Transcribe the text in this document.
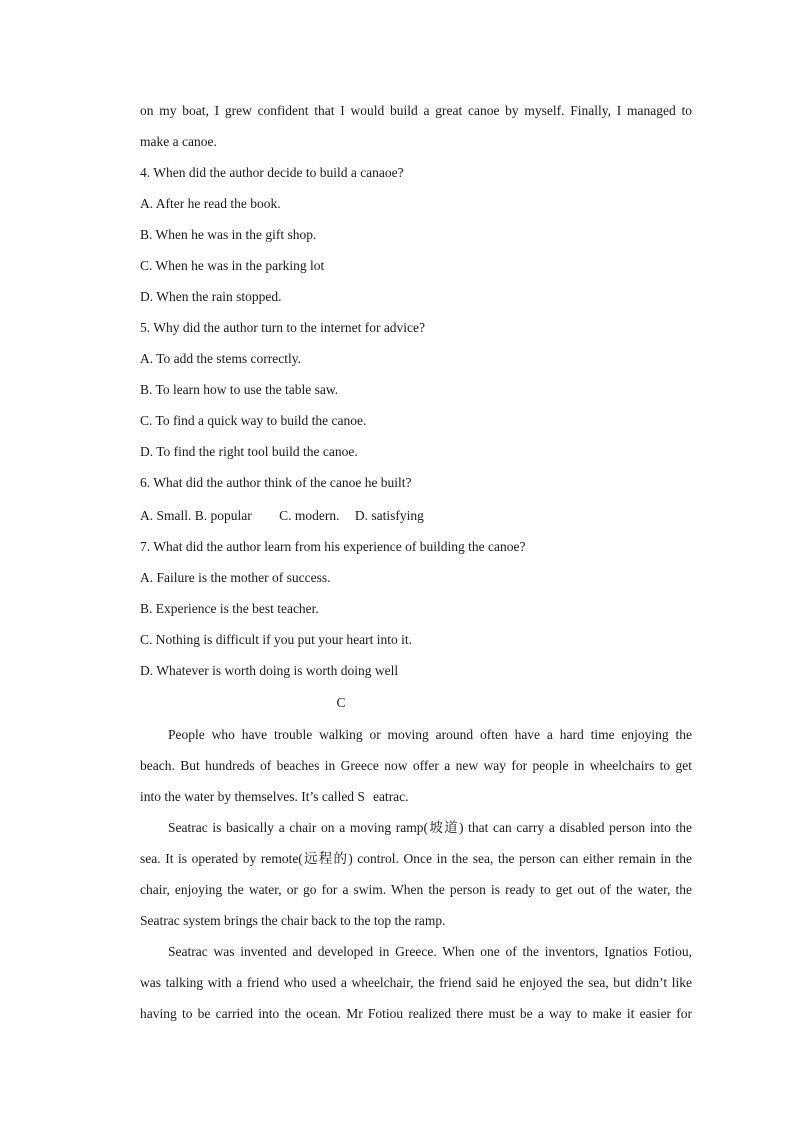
on my boat, I grew confident that I would build a great canoe by myself. Finally, I managed to
make a canoe.
4. When did the author decide to build a canaoe?
A. After he read the book.
B. When he was in the gift shop.
C. When he was in the parking lot
D. When the rain stopped.
5. Why did the author turn to the internet for advice?
A. To add the stems correctly.
B. To learn how to use the table saw.
C. To find a quick way to build the canoe.
D. To find the right tool build the canoe.
6. What did the author think of the canoe he built?
A. Small. B. popular C. modern. D. satisfying
7. What did the author learn from his experience of building the canoe?
A. Failure is the mother of success.
B. Experience is the best teacher.
C. Nothing is difficult if you put your heart into it.
D. Whatever is worth doing is worth doing well
C
People who have trouble walking or moving around often have a hard time enjoying the
beach. But hundreds of beaches in Greece now offer a new way for people in wheelchairs to get
into the water by themselves. It’s called S eatrac.
Seatrac is basically a chair on a moving ramp(坡道) that can carry a disabled person into the
sea. It is operated by remote(远程的) control. Once in the sea, the person can either remain in the
chair, enjoying the water, or go for a swim. When the person is ready to get out of the water, the
Seatrac system brings the chair back to the top the ramp.
Seatrac was invented and developed in Greece. When one of the inventors, Ignatios Fotiou,
was talking with a friend who used a wheelchair, the friend said he enjoyed the sea, but didn’t like
having to be carried into the ocean. Mr Fotiou realized there must be a way to make it easier for
